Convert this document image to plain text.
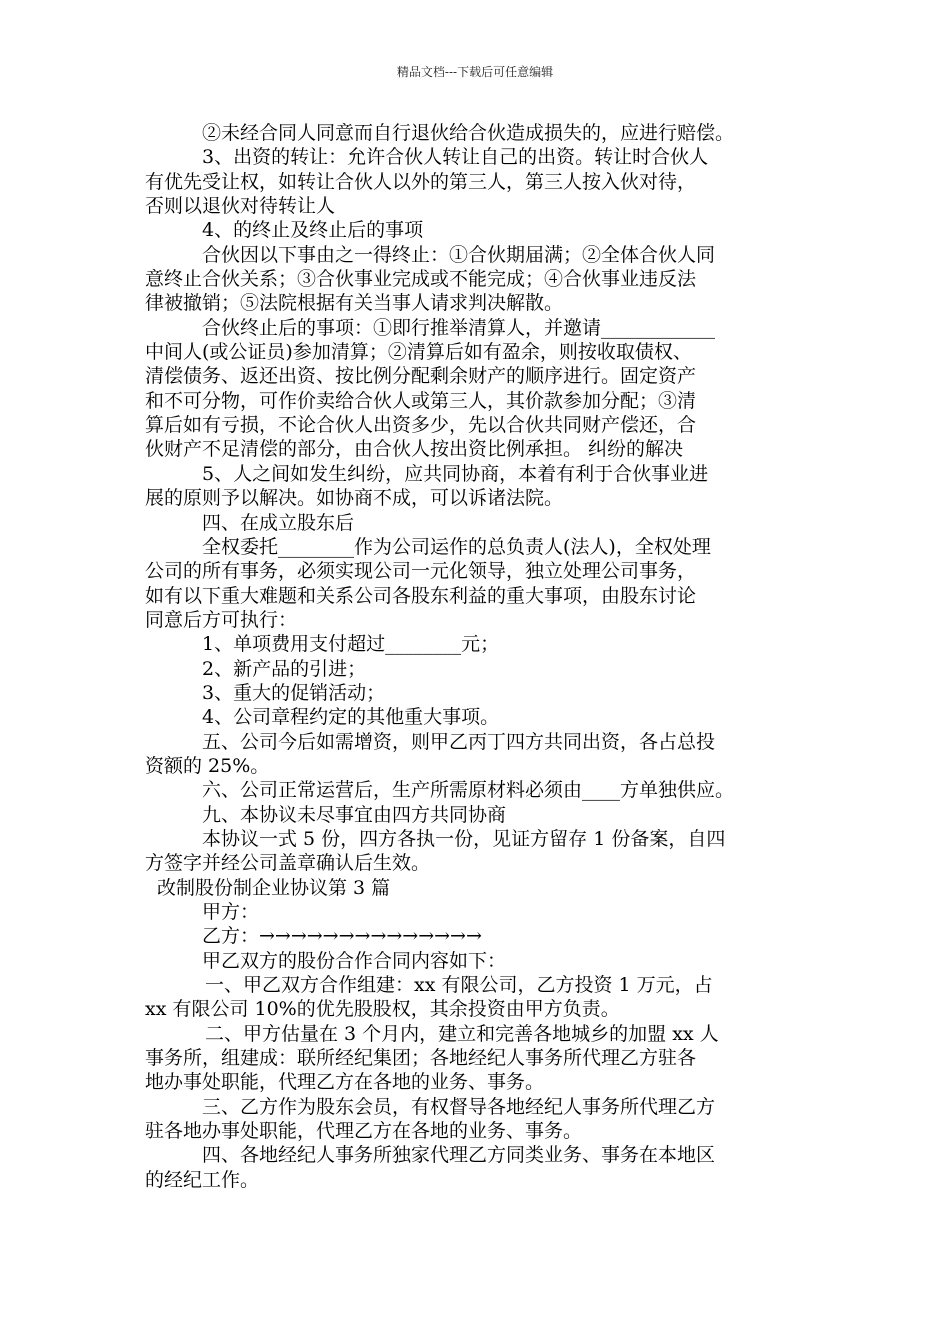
精品文档---下载后可任意编辑
②未经合同人同意而自行退伙给合伙造成损失的，应进行赔偿。
3、出资的转让：允许合伙人转让自己的出资。转让时合伙人
有优先受让权，如转让合伙人以外的第三人，第三人按入伙对待，
否则以退伙对待转让人
4、的终止及终止后的事项
合伙因以下事由之一得终止：①合伙期届满；②全体合伙人同
意终止合伙关系；③合伙事业完成或不能完成；④合伙事业违反法
律被撤销；⑤法院根据有关当事人请求判决解散。
合伙终止后的事项：①即行推举清算人，并邀请____________
中间人(或公证员)参加清算；②清算后如有盈余，则按收取债权、
清偿债务、返还出资、按比例分配剩余财产的顺序进行。固定资产
和不可分物，可作价卖给合伙人或第三人，其价款参加分配；③清
算后如有亏损，不论合伙人出资多少，先以合伙共同财产偿还，合
伙财产不足清偿的部分，由合伙人按出资比例承担。 纠纷的解决
5、人之间如发生纠纷，应共同协商，本着有利于合伙事业进
展的原则予以解决。如协商不成，可以诉诸法院。
四、在成立股东后
全权委托________作为公司运作的总负责人(法人)，全权处理
公司的所有事务，必须实现公司一元化领导，独立处理公司事务，
如有以下重大难题和关系公司各股东利益的重大事项，由股东讨论
同意后方可执行：
1、单项费用支付超过________元；
2、新产品的引进；
3、重大的促销活动；
4、公司章程约定的其他重大事项。
五、公司今后如需增资，则甲乙丙丁四方共同出资，各占总投
资额的 25%。
六、公司正常运营后，生产所需原材料必须由____方单独供应。
九、本协议未尽事宜由四方共同协商
本协议一式 5 份，四方各执一份，见证方留存 1 份备案，自四
方签字并经公司盖章确认后生效。
改制股份制企业协议第 3 篇
甲方：
乙方：→→→→→→→→→→→→→→
甲乙双方的股份合作合同内容如下：
一、甲乙双方合作组建：xx 有限公司，乙方投资 1 万元，占
xx 有限公司 10%的优先股股权，其余投资由甲方负责。
二、甲方估量在 3 个月内，建立和完善各地城乡的加盟 xx 人
事务所，组建成：联所经纪集团；各地经纪人事务所代理乙方驻各
地办事处职能，代理乙方在各地的业务、事务。
三、乙方作为股东会员，有权督导各地经纪人事务所代理乙方
驻各地办事处职能，代理乙方在各地的业务、事务。
四、各地经纪人事务所独家代理乙方同类业务、事务在本地区
的经纪工作。
